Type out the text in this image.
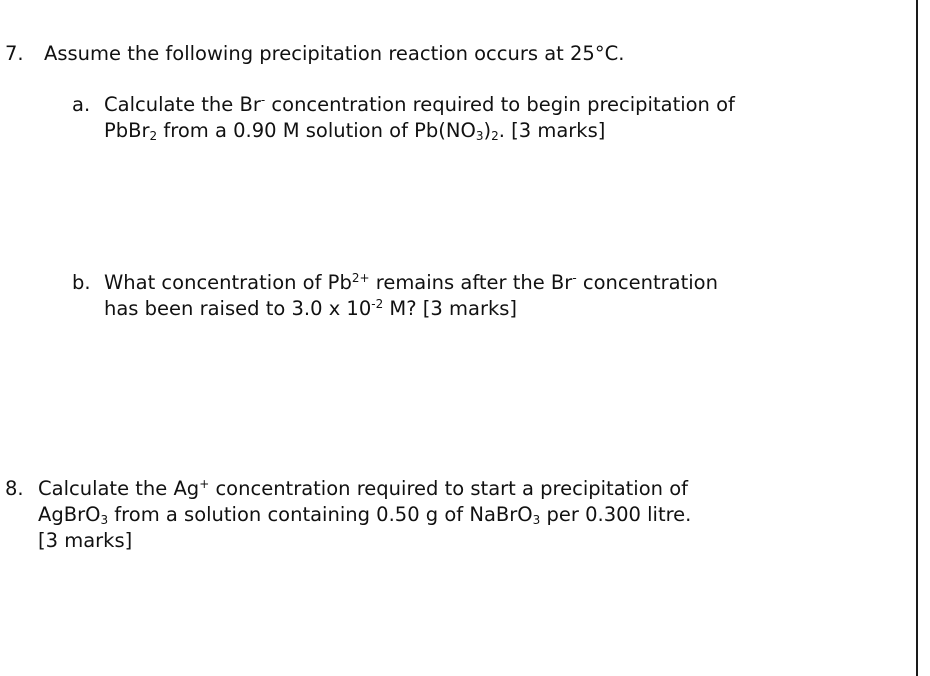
7. Assume the following precipitation reaction occurs at 25°C.
a. Calculate the Br- concentration required to begin precipitation of
PbBr$_2$ from a 0.90 M solution of $Pb(NO_3)_2$. [3 marks]
b. What concentration of $Pb^{2+}$ remains after the Br- concentration
has been raised to 3.0 x $10^{-2}$ M? [3 marks]
8. Calculate the Ag+ concentration required to start a precipitation of
AgBrO$_3$ from a solution containing 0.50 g of NaBrO$_3$ per 0.300 litre.
[3 marks]
